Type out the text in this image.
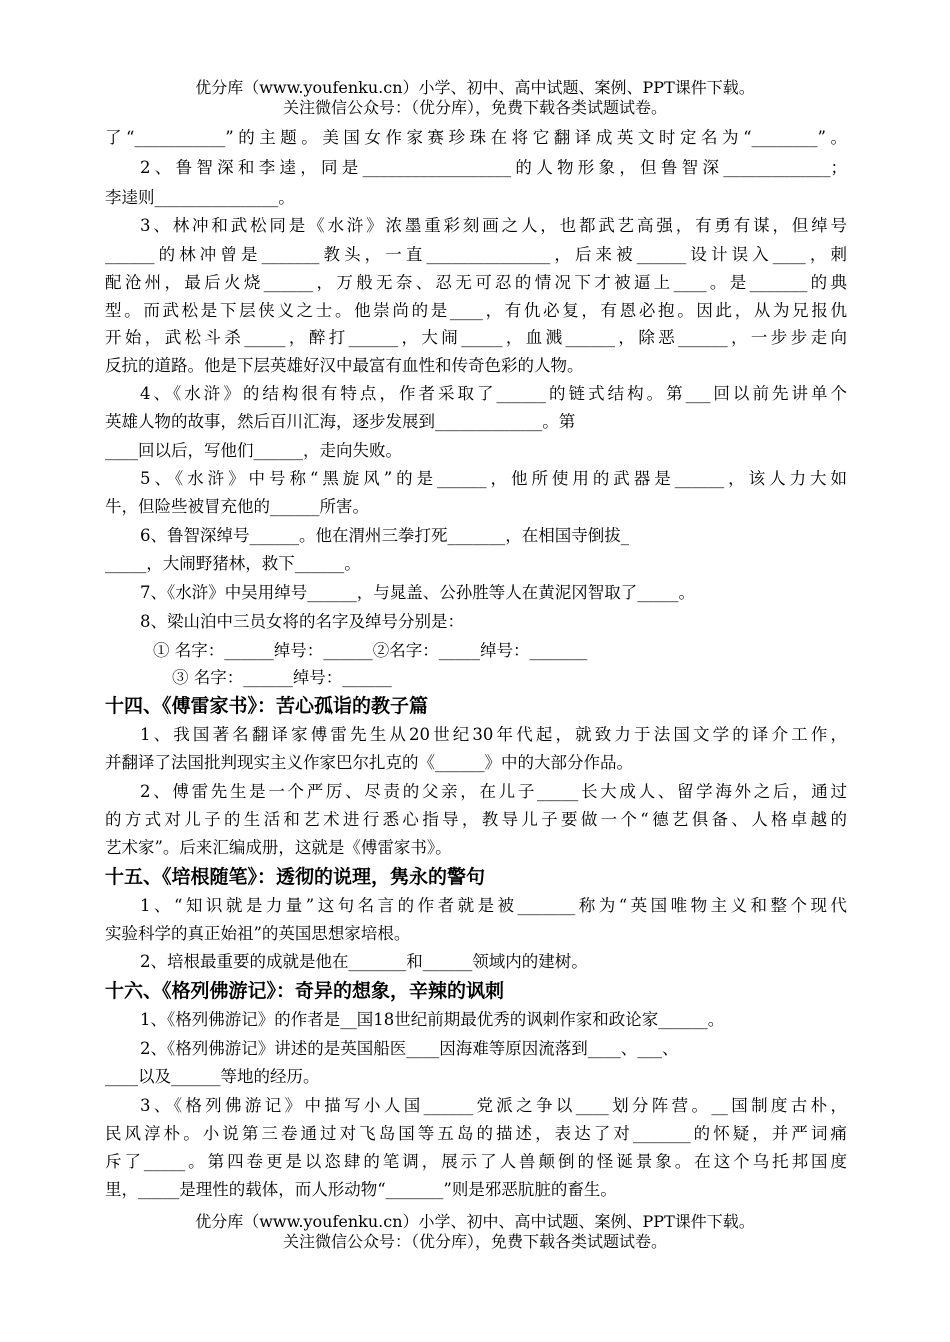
优分库（www.youfenku.cn）小学、初中、高中试题、案例、PPT课件下载。
关注微信公众号：（优分库），免费下载各类试题试卷。
了“___________”的主题。美国女作家赛珍珠在将它翻译成英文时定名为“________”。
2、鲁智深和李逵，同是__________________的人物形象，但鲁智深_____________；
李逵则_______________。
3、林冲和武松同是《水浒》浓墨重彩刻画之人，也都武艺高强，有勇有谋，但绰号
______的林冲曾是_______教头，一直_______________，后来被______设计误入____，刺
配沧州，最后火烧______，万般无奈、忍无可忍的情况下才被逼上____。是_______的典
型。而武松是下层侠义之士。他崇尚的是____，有仇必复，有恩必抱。因此，从为兄报仇
开始，武松斗杀_____，醉打______，大闹_____，血溅______，除恶______，一步步走向
反抗的道路。他是下层英雄好汉中最富有血性和传奇色彩的人物。
4、《水浒》的结构很有特点，作者采取了______的链式结构。第___回以前先讲单个
英雄人物的故事，然后百川汇海，逐步发展到_____________。第
____回以后，写他们______，走向失败。
5、《水浒》中号称“黑旋风”的是______，他所使用的武器是______，该人力大如
牛，但险些被冒充他的______所害。
6、鲁智深绰号______。他在渭州三拳打死_______，在相国寺倒拔_
_____，大闹野猪林，救下______。
7、《水浒》中吴用绰号______，与晁盖、公孙胜等人在黄泥冈智取了_____。
8、梁山泊中三员女将的名字及绰号分别是：
① 名字：______绰号：______②名字：_____绰号：_______
③ 名字：______绰号：______
十四、《傅雷家书》：苦心孤诣的教子篇
1、我国著名翻译家傅雷先生从20世纪30年代起，就致力于法国文学的译介工作，
并翻译了法国批判现实主义作家巴尔扎克的《______》中的大部分作品。
2、傅雷先生是一个严厉、尽责的父亲，在儿子_____长大成人、留学海外之后，通过
的方式对儿子的生活和艺术进行悉心指导，教导儿子要做一个“德艺俱备、人格卓越的
艺术家”。后来汇编成册，这就是《傅雷家书》。
十五、《培根随笔》：透彻的说理，隽永的警句
1、“知识就是力量”这句名言的作者就是被_______称为“英国唯物主义和整个现代
实验科学的真正始祖”的英国思想家培根。
2、培根最重要的成就是他在_______和______领域内的建树。
十六、《格列佛游记》：奇异的想象，辛辣的讽刺
1、《格列佛游记》的作者是__国18世纪前期最优秀的讽刺作家和政论家______。
2、《格列佛游记》讲述的是英国船医____因海难等原因流落到____、___、
____以及______等地的经历。
3、《格列佛游记》中描写小人国______党派之争以____划分阵营。__国制度古朴，
民风淳朴。小说第三卷通过对飞岛国等五岛的描述，表达了对_______的怀疑，并严词痛
斥了_____。第四卷更是以恣肆的笔调，展示了人兽颠倒的怪诞景象。在这个乌托邦国度
里，_____是理性的载体，而人形动物“_______”则是邪恶肮脏的畜生。
优分库（www.youfenku.cn）小学、初中、高中试题、案例、PPT课件下载。
关注微信公众号：（优分库），免费下载各类试题试卷。
